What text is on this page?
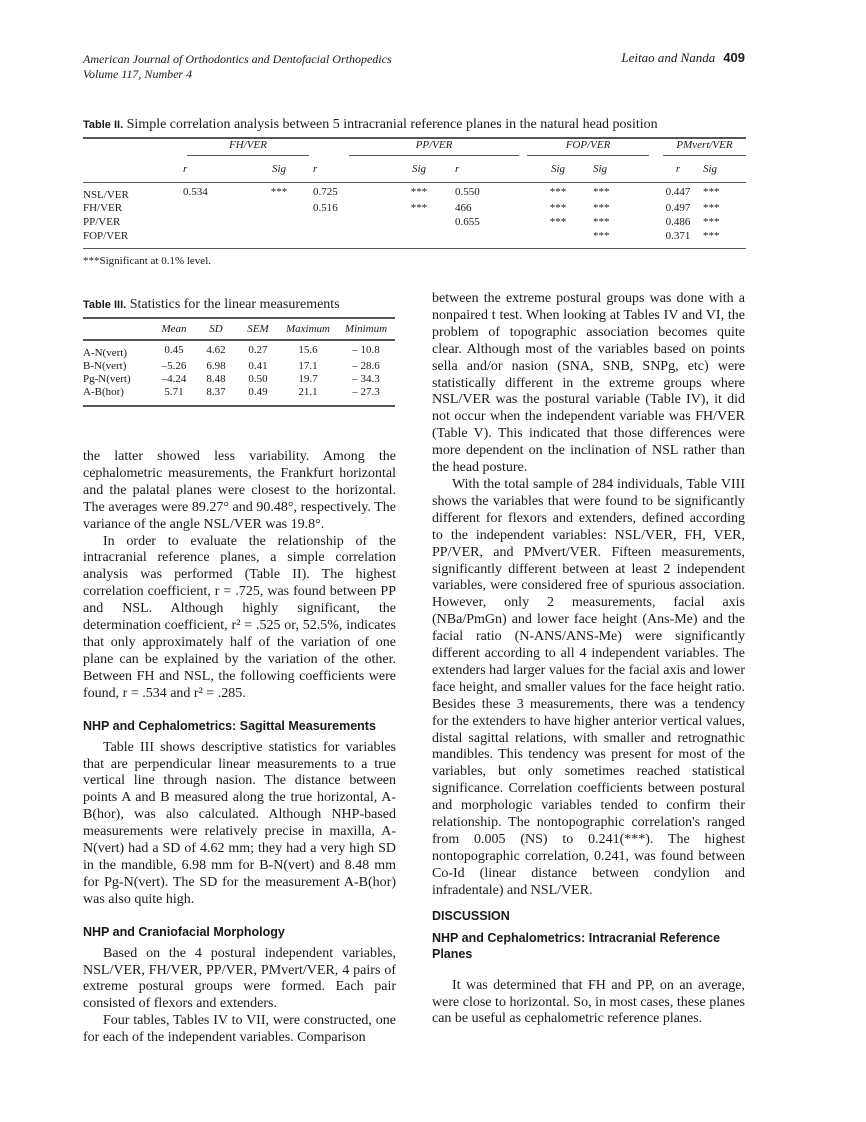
American Journal of Orthodontics and Dentofacial Orthopedics
Volume 117, Number 4
Leitao and Nanda 409
Table II. Simple correlation analysis between 5 intracranial reference planes in the natural head position

	FH/VER			PP/VER		FOP/VER		PMvert/VER	

	r	Sig	r	Sig	r	Sig	Sig	r	Sig
NSL/VER	0.534	***	0.725	***	0.550	***	***	0.447	***
FH/VER			0.516	***	466	***	***	0.497	***
PP/VER					0.655	***	***	0.486	***
FOP/VER							***	0.371	***

***Significant at 0.1% level.									
Table III. Statistics for the linear measurements
	Mean	SD	SEM	Maximum	Minimum
A-N(vert)	0.45	4.62	0.27	15.6	– 10.8
B-N(vert)	–5.26	6.98	0.41	17.1	– 28.6
Pg-N(vert)	–4.24	8.48	0.50	19.7	– 34.3
A-B(hor)	5.71	8.37	0.49	21.1	– 27.3

the latter showed less variability. Among the cephalometric measurements, the Frankfurt horizontal and the palatal planes were closest to the horizontal. The averages were 89.27° and 90.48°, respectively. The variance of the angle NSL/VER was 19.8°.

In order to evaluate the relationship of the intracranial reference planes, a simple correlation analysis was performed (Table II). The highest correlation coefficient, r = .725, was found between PP and NSL. Although highly significant, the determination coefficient, r² = .525 or, 52.5%, indicates that only approximately half of the variation of one plane can be explained by the variation of the other. Between FH and NSL, the following coefficients were found, r = .534 and r² = .285.

NHP and Cephalometrics: Sagittal Measurements

Table III shows descriptive statistics for variables that are perpendicular linear measurements to a true vertical line through nasion. The distance between points A and B measured along the true horizontal, A-B(hor), was also calculated. Although NHP-based measurements were relatively precise in maxilla, A-N(vert) had a SD of 4.62 mm; they had a very high SD in the mandible, 6.98 mm for B-N(vert) and 8.48 mm for Pg-N(vert). The SD for the measurement A-B(hor) was also quite high.

NHP and Craniofacial Morphology

Based on the 4 postural independent variables, NSL/VER, FH/VER, PP/VER, PMvert/VER, 4 pairs of extreme postural groups were formed. Each pair consisted of flexors and extenders.

Four tables, Tables IV to VII, were constructed, one for each of the independent variables. Comparison

between the extreme postural groups was done with a nonpaired t test. When looking at Tables IV and VI, the problem of topographic association becomes quite clear. Although most of the variables based on points sella and/or nasion (SNA, SNB, SNPg, etc) were statistically different in the extreme groups where NSL/VER was the postural variable (Table IV), it did not occur when the independent variable was FH/VER (Table V). This indicated that those differences were more dependent on the inclination of NSL rather than the head posture.

With the total sample of 284 individuals, Table VIII shows the variables that were found to be significantly different for flexors and extenders, defined according to the independent variables: NSL/VER, FH, VER, PP/VER, and PMvert/VER. Fifteen measurements, significantly different between at least 2 independent variables, were considered free of spurious association. However, only 2 measurements, facial axis (NBa/PmGn) and lower face height (Ans-Me) and the facial ratio (N-ANS/ANS-Me) were significantly different according to all 4 independent variables. The extenders had larger values for the facial axis and lower face height, and smaller values for the face height ratio. Besides these 3 measurements, there was a tendency for the extenders to have higher anterior vertical values, distal sagittal relations, with smaller and retrognathic mandibles. This tendency was present for most of the variables, but only sometimes reached statistical significance. Correlation coefficients between postural and morphologic variables tended to confirm their relationship. The nontopographic correlation's ranged from 0.005 (NS) to 0.241(***). The highest nontopographic correlation, 0.241, was found between Co-Id (linear distance between condylion and infradentale) and NSL/VER.

DISCUSSION
NHP and Cephalometrics: Intracranial Reference Planes

It was determined that FH and PP, on an average, were close to horizontal. So, in most cases, these planes can be useful as cephalometric reference planes.
